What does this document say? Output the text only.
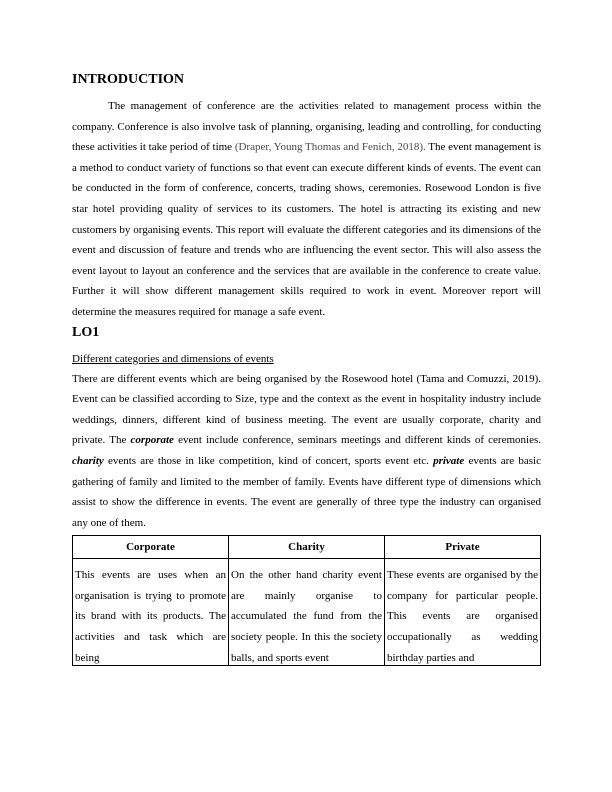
INTRODUCTION

The management of conference are the activities related to management process within the company. Conference is also involve task of planning, organising, leading and controlling, for conducting these activities it take period of time (Draper, Young Thomas and Fenich, 2018). The event management is a method to conduct variety of functions so that event can execute different kinds of events. The event can be conducted in the form of conference, concerts, trading shows, ceremonies. Rosewood London is five star hotel providing quality of services to its customers. The hotel is attracting its existing and new customers by organising events. This report will evaluate the different categories and its dimensions of the event and discussion of feature and trends who are influencing the event sector. This will also assess the event layout to layout an conference and the services that are available in the conference to create value. Further it will show different management skills required to work in event. Moreover report will determine the measures required for manage a safe event.

LO1

Different categories and dimensions of events

There are different events which are being organised by the Rosewood hotel (Tama and Comuzzi, 2019). Event can be classified according to Size, type and the context as the event in hospitality industry include weddings, dinners, different kind of business meeting. The event are usually corporate, charity and private. The corporate event include conference, seminars meetings and different kinds of ceremonies. charity events are those in like competition, kind of concert, sports event etc. private events are basic gathering of family and limited to the member of family. Events have different type of dimensions which assist to show the difference in events. The event are generally of three type the industry can organised any one of them.

Corporate	Charity	Private

This events are uses when an organisation is trying to promote its brand with its products. The activities and task which are being	On the other hand charity event are mainly organise to accumulated the fund from the society people. In this the society balls, and sports event	These events are organised by the company for particular people. This events are organised occupationally as wedding birthday parties and
